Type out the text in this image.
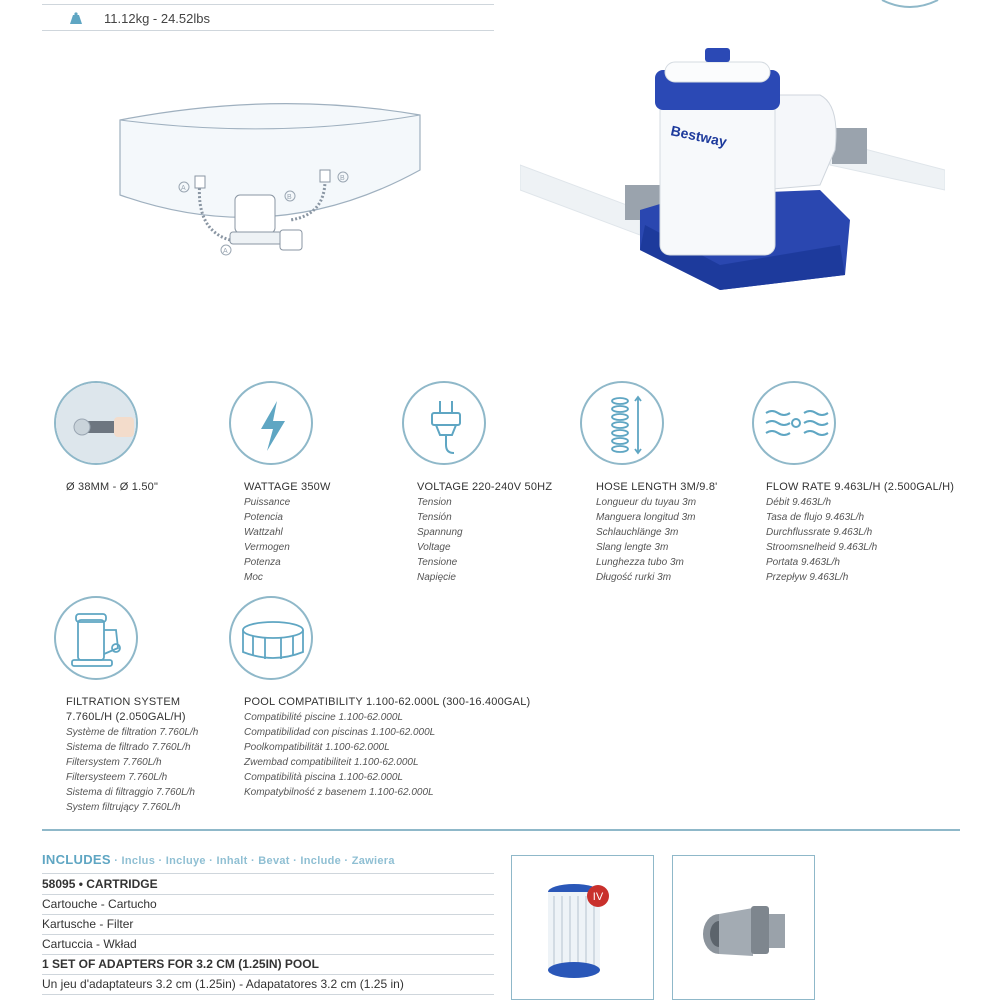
11.12kg - 24.52lbs
A
B
B
A
Bestway
Ø 38MM - Ø 1.50"	WATTAGE 350W
Puissance
Potencia
Wattzahl
Vermogen
Potenza
Moc
VOLTAGE 220-240V 50HZ
Tension
Tensión
Spannung
Voltage
Tensione
Napięcie
HOSE LENGTH 3M/9.8'
Longueur du tuyau 3m
Manguera longitud 3m
Schlauchlänge 3m
Slang lengte 3m
Lunghezza tubo 3m
Długość rurki 3m
FLOW RATE 9.463L/H (2.500GAL/H)
Débit 9.463L/h
Tasa de flujo 9.463L/h
Durchflussrate 9.463L/h
Stroomsnelheid 9.463L/h
Portata 9.463L/h
Przepływ 9.463L/h
FILTRATION SYSTEM
7.760L/H (2.050GAL/H)
Système de filtration 7.760L/h
Sistema de filtrado 7.760L/h
Filtersystem 7.760L/h
Filtersysteem 7.760L/h
Sistema di filtraggio 7.760L/h
System filtrujący 7.760L/h
POOL COMPATIBILITY 1.100-62.000L (300-16.400GAL)
Compatibilité piscine 1.100-62.000L
Compatibilidad con piscinas 1.100-62.000L
Poolkompatibilität 1.100-62.000L
Zwembad compatibiliteit 1.100-62.000L
Compatibilità piscina 1.100-62.000L
Kompatybilność z basenem 1.100-62.000L
INCLUDES · Inclus · Incluye · Inhalt · Bevat · Include · Zawiera
58095 • CARTRIDGE
Cartouche - Cartucho
Kartusche - Filter
Cartuccia - Wkład
1 SET OF ADAPTERS FOR 3.2 CM (1.25IN) POOL
Un jeu d'adaptateurs 3.2 cm (1.25in) - Adapatatores 3.2 cm (1.25 in)
IV
